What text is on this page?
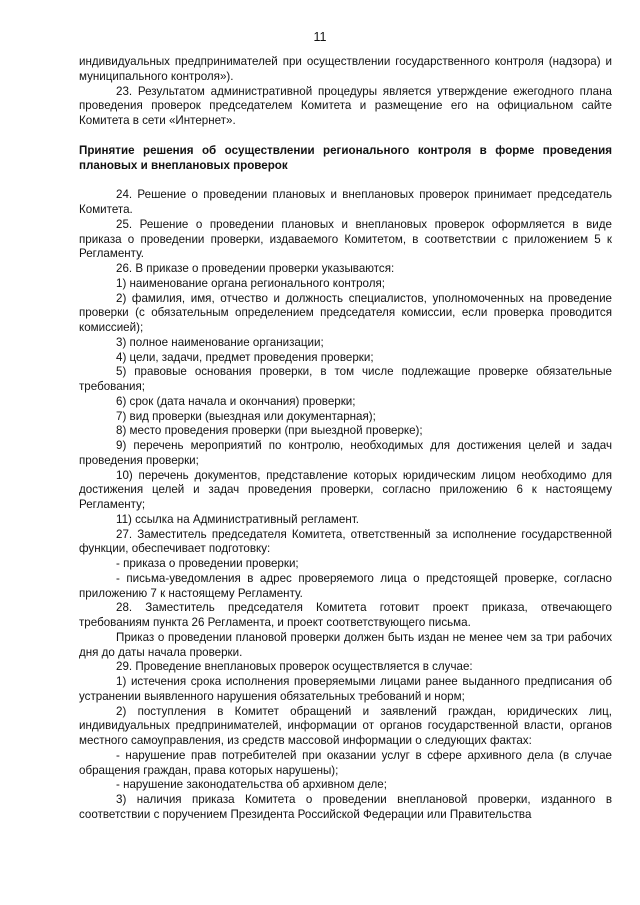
11

индивидуальных предпринимателей при осуществлении государственного контроля (надзора) и муниципального контроля»).

23. Результатом административной процедуры является утверждение ежегодного плана проведения проверок председателем Комитета и размещение его на официальном сайте Комитета в сети «Интернет».

Принятие решения об осуществлении регионального контроля в форме проведения плановых и внеплановых проверок

24. Решение о проведении плановых и внеплановых проверок принимает председатель Комитета.

25. Решение о проведении плановых и внеплановых проверок оформляется в виде приказа о проведении проверки, издаваемого Комитетом, в соответствии с приложением 5 к Регламенту.

26. В приказе о проведении проверки указываются:

1) наименование органа регионального контроля;

2) фамилия, имя, отчество и должность специалистов, уполномоченных на проведение проверки (с обязательным определением председателя комиссии, если проверка проводится комиссией);

3) полное наименование организации;

4) цели, задачи, предмет проведения проверки;

5) правовые основания проверки, в том числе подлежащие проверке обязательные требования;

6) срок (дата начала и окончания) проверки;

7) вид проверки (выездная или документарная);

8) место проведения проверки (при выездной проверке);

9) перечень мероприятий по контролю, необходимых для достижения целей и задач проведения проверки;

10) перечень документов, представление которых юридическим лицом необходимо для достижения целей и задач проведения проверки, согласно приложению 6 к настоящему Регламенту;

11) ссылка на Административный регламент.

27. Заместитель председателя Комитета, ответственный за исполнение государственной функции, обеспечивает подготовку:

- приказа о проведении проверки;

- письма-уведомления в адрес проверяемого лица о предстоящей проверке, согласно приложению 7 к настоящему Регламенту.

28. Заместитель председателя Комитета готовит проект приказа, отвечающего требованиям пункта 26 Регламента, и проект соответствующего письма.

Приказ о проведении плановой проверки должен быть издан не менее чем за три рабочих дня до даты начала проверки.

29. Проведение внеплановых проверок осуществляется в случае:

1) истечения срока исполнения проверяемыми лицами ранее выданного предписания об устранении выявленного нарушения обязательных требований и норм;

2) поступления в Комитет обращений и заявлений граждан, юридических лиц, индивидуальных предпринимателей, информации от органов государственной власти, органов местного самоуправления, из средств массовой информации о следующих фактах:

- нарушение прав потребителей при оказании услуг в сфере архивного дела (в случае обращения граждан, права которых нарушены);

- нарушение законодательства об архивном деле;

3) наличия приказа Комитета о проведении внеплановой проверки, изданного в соответствии с поручением Президента Российской Федерации или Правительства
